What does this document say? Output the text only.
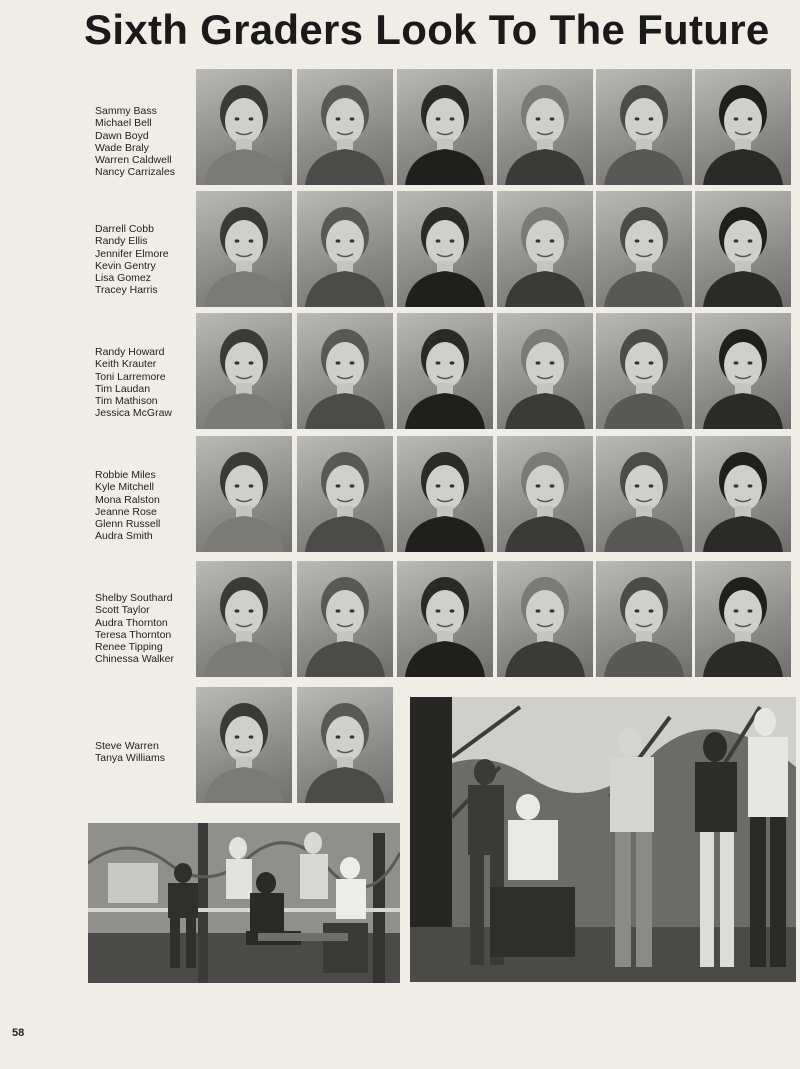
Sixth Graders Look To The Future
Sammy Bass
Michael Bell
Dawn Boyd
Wade Braly
Warren Caldwell
Nancy Carrizales
Darrell Cobb
Randy Ellis
Jennifer Elmore
Kevin Gentry
Lisa Gomez
Tracey Harris
Randy Howard
Keith Krauter
Toni Larremore
Tim Laudan
Tim Mathison
Jessica McGraw
Robbie Miles
Kyle Mitchell
Mona Ralston
Jeanne Rose
Glenn Russell
Audra Smith
Shelby Southard
Scott Taylor
Audra Thornton
Teresa Thornton
Renee Tipping
Chinessa Walker
Steve Warren
Tanya Williams
58
